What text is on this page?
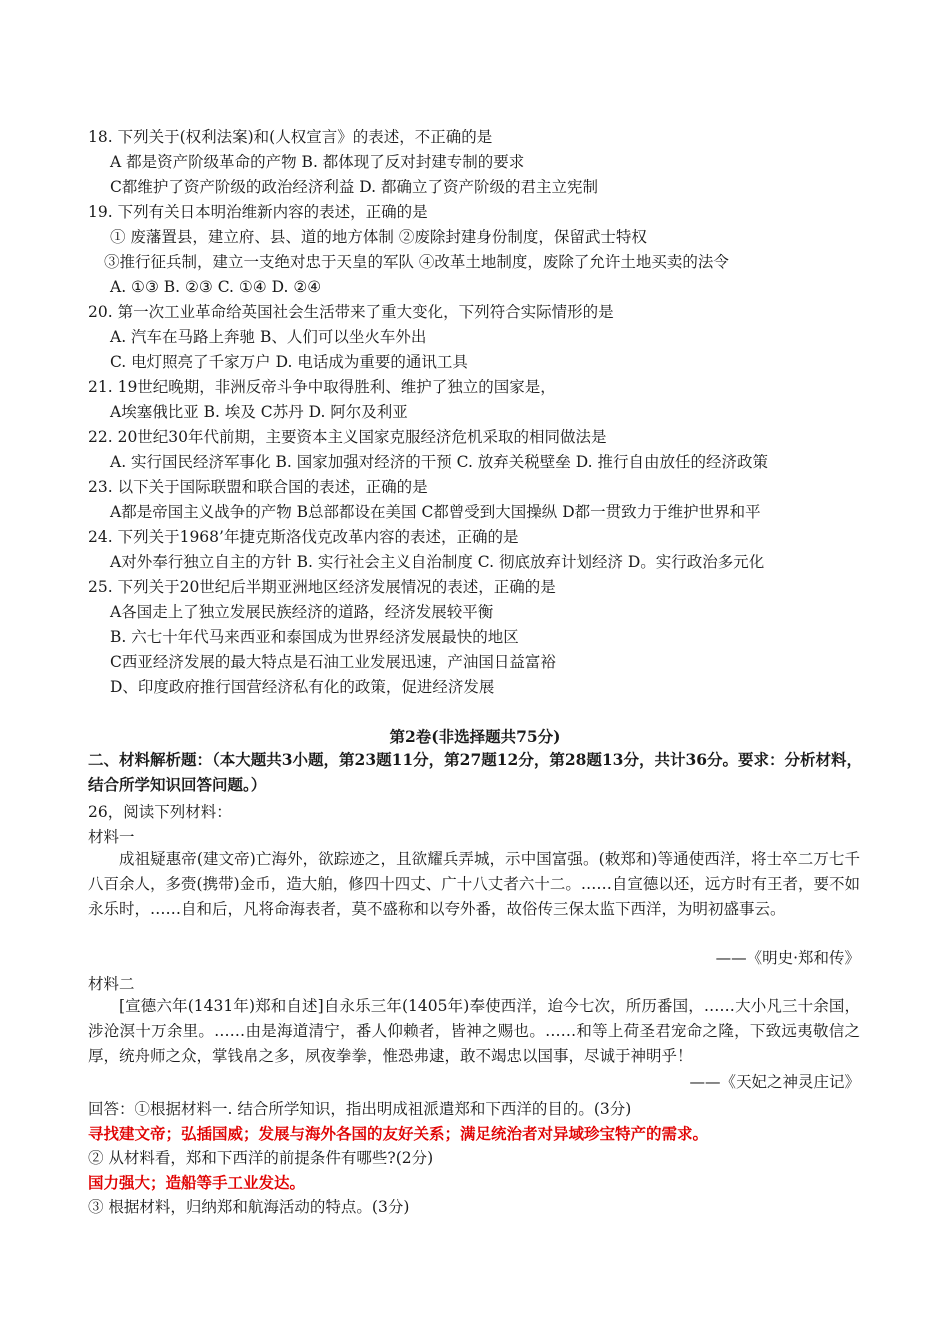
18. 下列关于(权利法案)和(人权宣言》的表述，不正确的是
A 都是资产阶级革命的产物 B. 都体现了反对封建专制的要求
C都维护了资产阶级的政治经济利益 D. 都确立了资产阶级的君主立宪制
19. 下列有关日本明治维新内容的表述，正确的是
① 废藩置县，建立府、县、道的地方体制 ②废除封建身份制度，保留武士特权
③推行征兵制，建立一支绝对忠于天皇的军队 ④改革土地制度，废除了允许土地买卖的法令
A. ①③ B. ②③ C. ①④ D. ②④
20. 第一次工业革命给英国社会生活带来了重大变化，下列符合实际情形的是
A. 汽车在马路上奔驰 B、人们可以坐火车外出
C. 电灯照亮了千家万户 D. 电话成为重要的通讯工具
21. 19世纪晚期，非洲反帝斗争中取得胜利、维护了独立的国家是，
A埃塞俄比亚 B. 埃及 C苏丹 D. 阿尔及利亚
22. 20世纪30年代前期，主要资本主义国家克服经济危机采取的相同做法是
A. 实行国民经济军事化 B. 国家加强对经济的干预 C. 放弃关税壁垒 D. 推行自由放任的经济政策
23. 以下关于国际联盟和联合国的表述，正确的是
A都是帝国主义战争的产物 B总部都设在美国 C都曾受到大国操纵 D都一贯致力于维护世界和平
24. 下列关于1968’年捷克斯洛伐克改革内容的表述，正确的是
A对外奉行独立自主的方针 B. 实行社会主义自治制度 C. 彻底放弃计划经济 D。实行政治多元化
25. 下列关于20世纪后半期亚洲地区经济发展情况的表述，正确的是
A各国走上了独立发展民族经济的道路，经济发展较平衡
B. 六七十年代马来西亚和泰国成为世界经济发展最快的地区
C西亚经济发展的最大特点是石油工业发展迅速，产油国日益富裕
D、印度政府推行国营经济私有化的政策，促进经济发展
第2卷(非选择题共75分)
二、材料解析题：（本大题共3小题，第23题11分，第27题12分，第28题13分，共计36分。要求：分析材料，结合所学知识回答问题。）
26，阅读下列材料：
材料一
成祖疑惠帝(建文帝)亡海外，欲踪迹之，且欲耀兵弄城，示中国富强。(敕郑和)等通使西洋，将士卒二万七千八百余人，多赍(携带)金币，造大舶，修四十四丈、广十八丈者六十二。……自宣德以还，远方时有王者，要不如永乐时，……自和后，凡将命海表者，莫不盛称和以夸外番，故俗传三保太监下西洋，为明初盛事云。
——《明史·郑和传》
材料二
[宣德六年(1431年)郑和自述]自永乐三年(1405年)奉使西洋，迨今七次，所历番国，……大小凡三十余国，涉沧溟十万余里。……由是海道清宁，番人仰赖者，皆神之赐也。……和等上荷圣君宠命之隆，下致远夷敬信之厚，统舟师之众，掌钱帛之多，夙夜拳拳，惟恐弗逮，敢不竭忠以国事，尽诚于神明乎！
——《天妃之神灵庄记》
回答：①根据材料一. 结合所学知识，指出明成祖派遣郑和下西洋的目的。(3分)
寻找建文帝；弘插国威；发展与海外各国的友好关系；满足统治者对异域珍宝特产的需求。
② 从材料看，郑和下西洋的前提条件有哪些?(2分)
国力强大；造船等手工业发达。
③ 根据材料，归纳郑和航海活动的特点。(3分)
